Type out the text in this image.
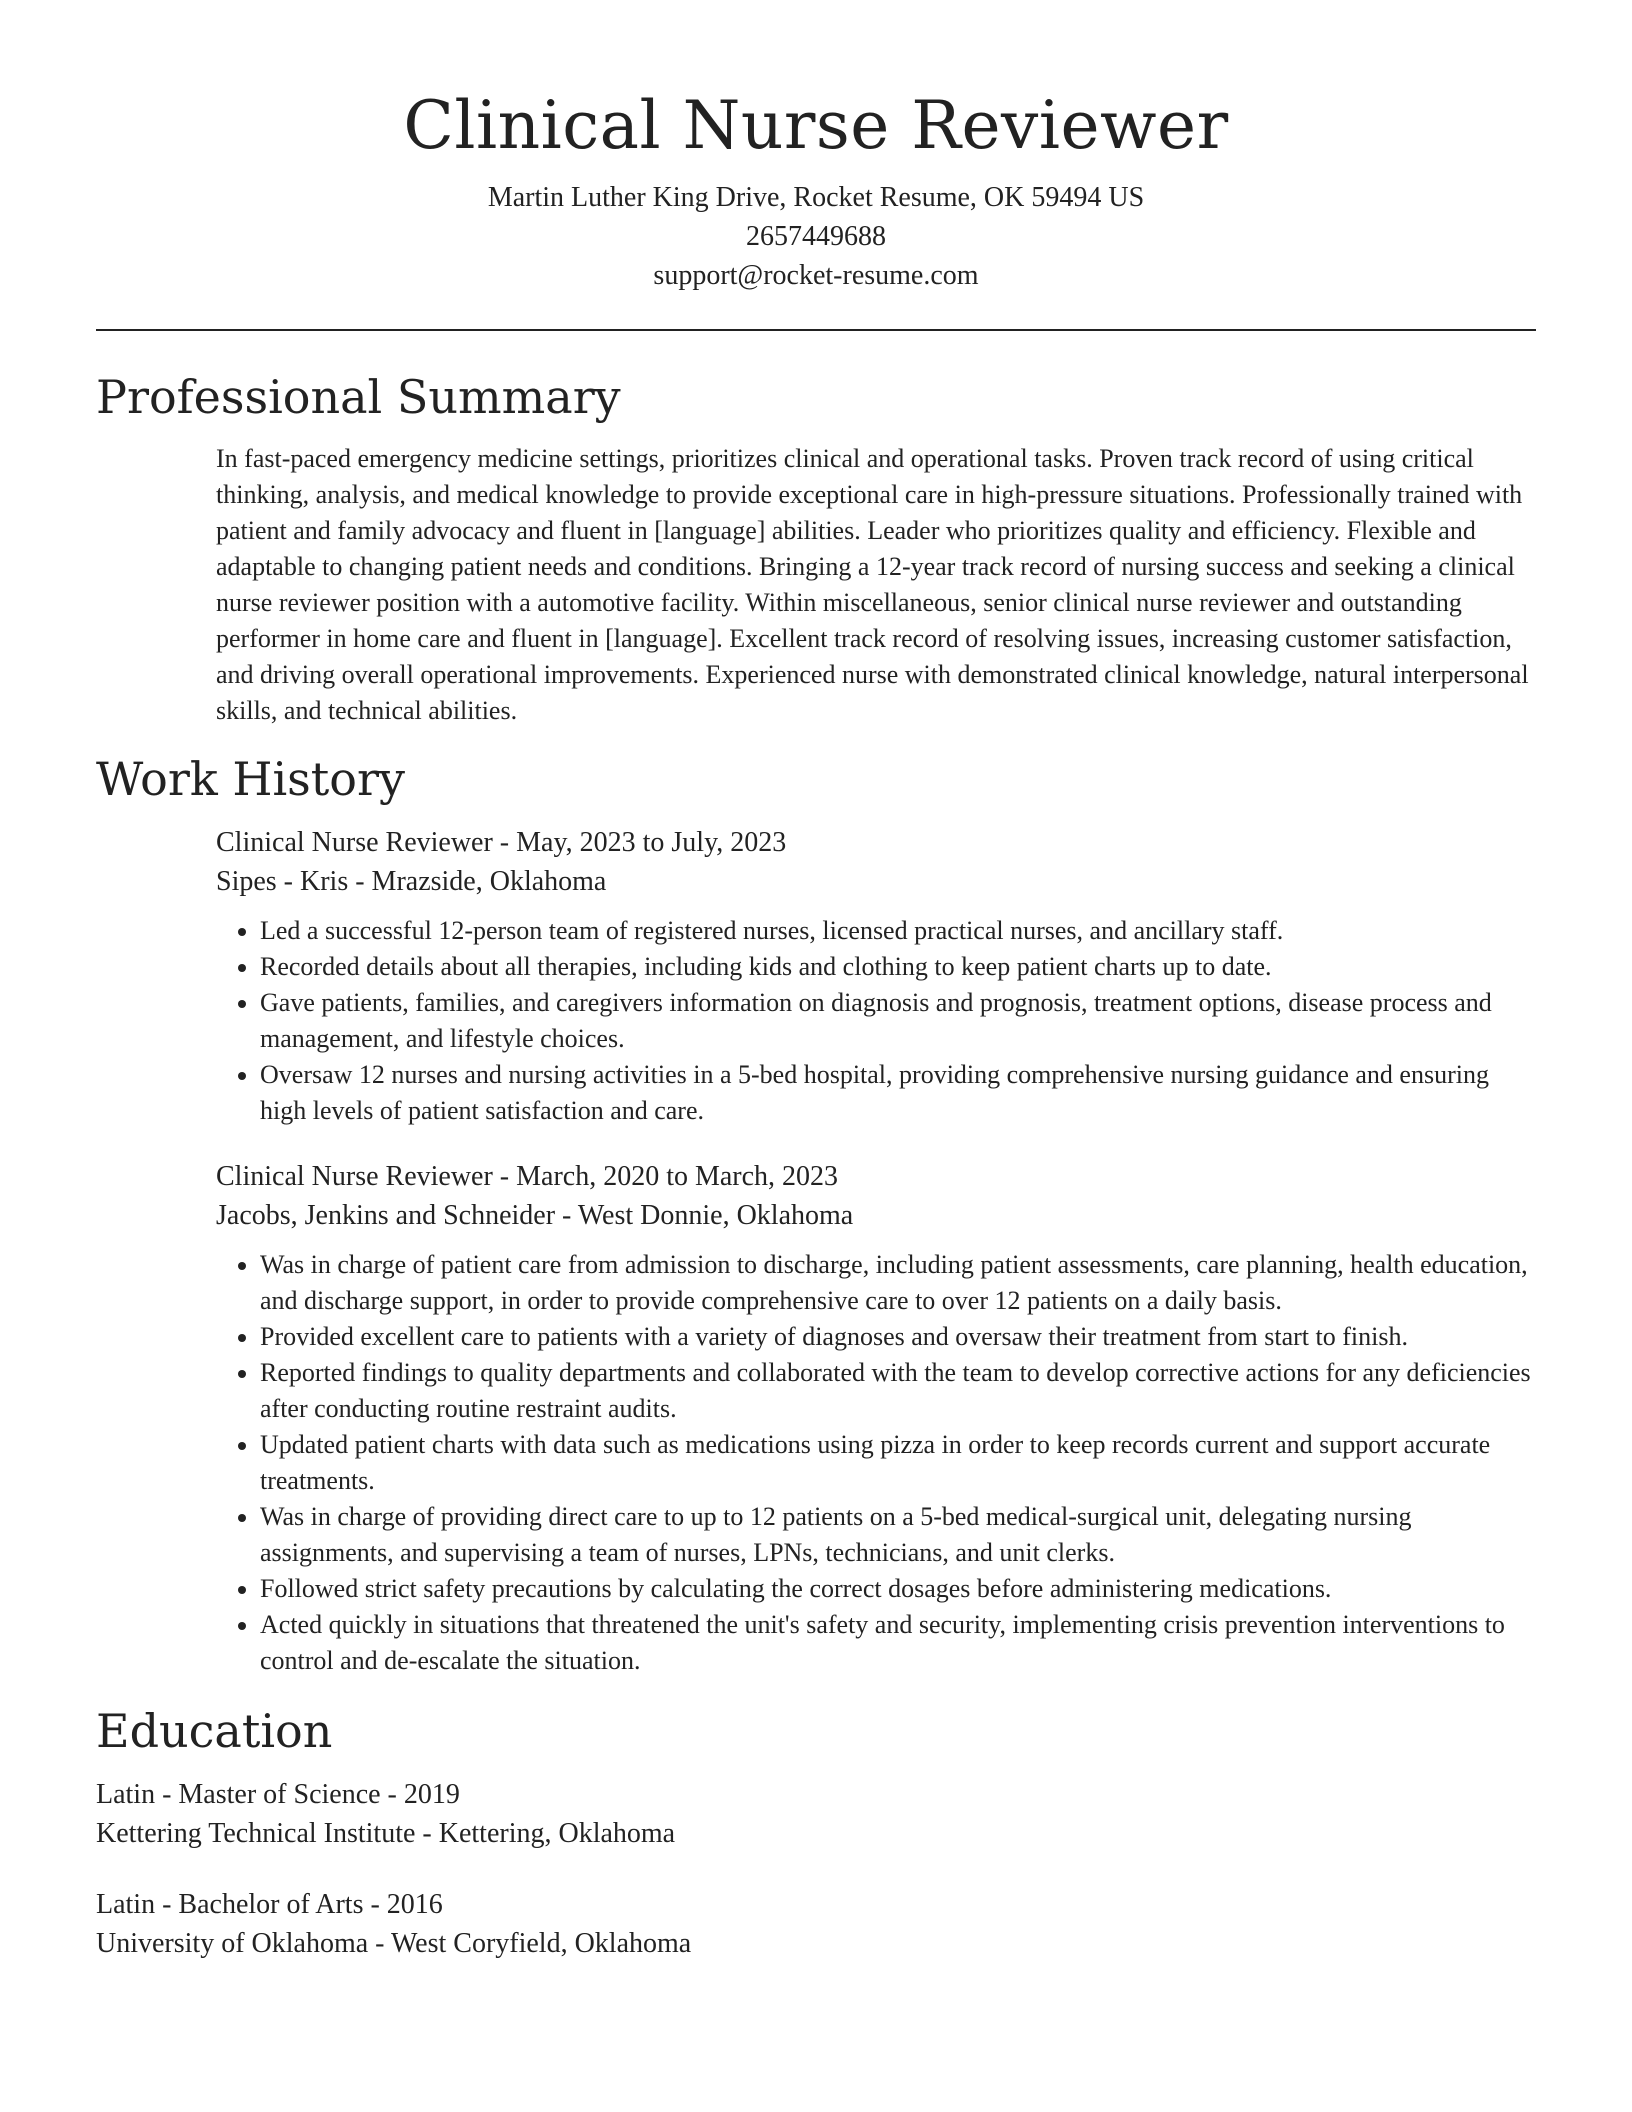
Clinical Nurse Reviewer

Martin Luther King Drive, Rocket Resume, OK 59494 US

2657449688

support@rocket-resume.com

Professional Summary

In fast-paced emergency medicine settings, prioritizes clinical and operational tasks. Proven track record of using critical thinking, analysis, and medical knowledge to provide exceptional care in high-pressure situations. Professionally trained with patient and family advocacy and fluent in [language] abilities. Leader who prioritizes quality and efficiency. Flexible and adaptable to changing patient needs and conditions. Bringing a 12-year track record of nursing success and seeking a clinical nurse reviewer position with a automotive facility. Within miscellaneous, senior clinical nurse reviewer and outstanding performer in home care and fluent in [language]. Excellent track record of resolving issues, increasing customer satisfaction, and driving overall operational improvements. Experienced nurse with demonstrated clinical knowledge, natural interpersonal skills, and technical abilities.

Work History

Clinical Nurse Reviewer - May, 2023 to July, 2023

Sipes - Kris - Mrazside, Oklahoma

• Led a successful 12-person team of registered nurses, licensed practical nurses, and ancillary staff.
• Recorded details about all therapies, including kids and clothing to keep patient charts up to date.
• Gave patients, families, and caregivers information on diagnosis and prognosis, treatment options, disease process and management, and lifestyle choices.
• Oversaw 12 nurses and nursing activities in a 5-bed hospital, providing comprehensive nursing guidance and ensuring high levels of patient satisfaction and care.

Clinical Nurse Reviewer - March, 2020 to March, 2023

Jacobs, Jenkins and Schneider - West Donnie, Oklahoma

• Was in charge of patient care from admission to discharge, including patient assessments, care planning, health education, and discharge support, in order to provide comprehensive care to over 12 patients on a daily basis.
• Provided excellent care to patients with a variety of diagnoses and oversaw their treatment from start to finish.
• Reported findings to quality departments and collaborated with the team to develop corrective actions for any deficiencies after conducting routine restraint audits.
• Updated patient charts with data such as medications using pizza in order to keep records current and support accurate treatments.
• Was in charge of providing direct care to up to 12 patients on a 5-bed medical-surgical unit, delegating nursing assignments, and supervising a team of nurses, LPNs, technicians, and unit clerks.
• Followed strict safety precautions by calculating the correct dosages before administering medications.
• Acted quickly in situations that threatened the unit's safety and security, implementing crisis prevention interventions to control and de-escalate the situation.
Education

Latin - Master of Science - 2019

Kettering Technical Institute - Kettering, Oklahoma

Latin - Bachelor of Arts - 2016

University of Oklahoma - West Coryfield, Oklahoma
